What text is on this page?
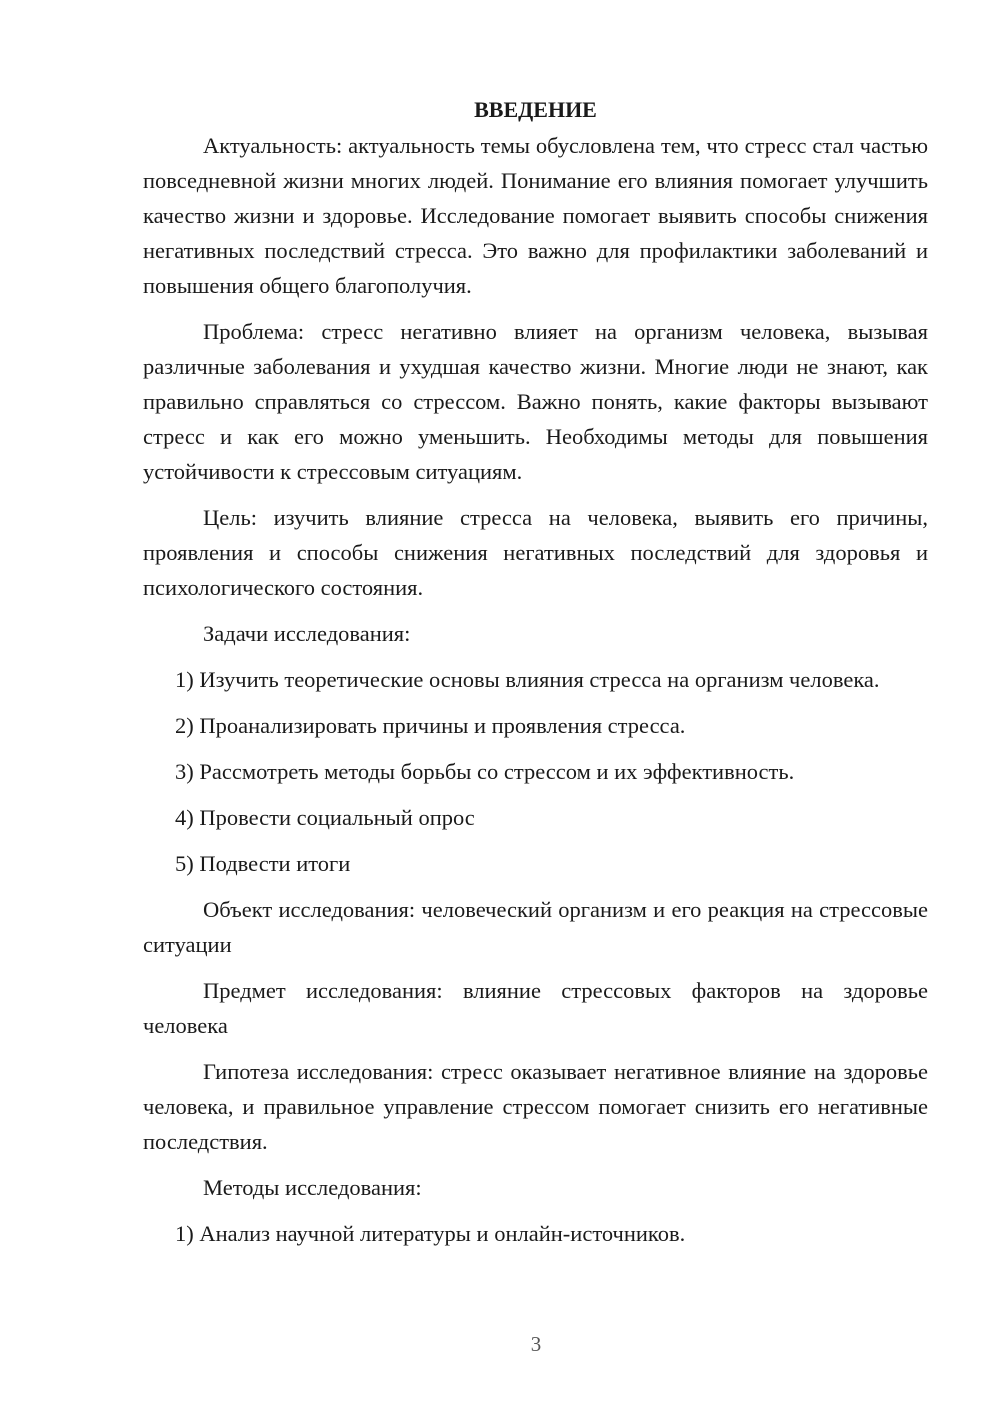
ВВЕДЕНИЕ

Актуальность: актуальность темы обусловлена тем, что стресс стал частью повседневной жизни многих людей. Понимание его влияния помогает улучшить качество жизни и здоровье. Исследование помогает выявить способы снижения негативных последствий стресса. Это важно для профилактики заболеваний и повышения общего благополучия.

Проблема: стресс негативно влияет на организм человека, вызывая различные заболевания и ухудшая качество жизни. Многие люди не знают, как правильно справляться со стрессом. Важно понять, какие факторы вызывают стресс и как его можно уменьшить. Необходимы методы для повышения устойчивости к стрессовым ситуациям.

Цель: изучить влияние стресса на человека, выявить его причины, проявления и способы снижения негативных последствий для здоровья и психологического состояния.

Задачи исследования:

1) Изучить теоретические основы влияния стресса на организм человека.

2) Проанализировать причины и проявления стресса.

3) Рассмотреть методы борьбы со стрессом и их эффективность.

4) Провести социальный опрос

5) Подвести итоги

Объект исследования: человеческий организм и его реакция на стрессовые ситуации

Предмет исследования: влияние стрессовых факторов на здоровье человека

Гипотеза исследования: стресс оказывает негативное влияние на здоровье человека, и правильное управление стрессом помогает снизить его негативные последствия.

Методы исследования:

1) Анализ научной литературы и онлайн-источников.

3
